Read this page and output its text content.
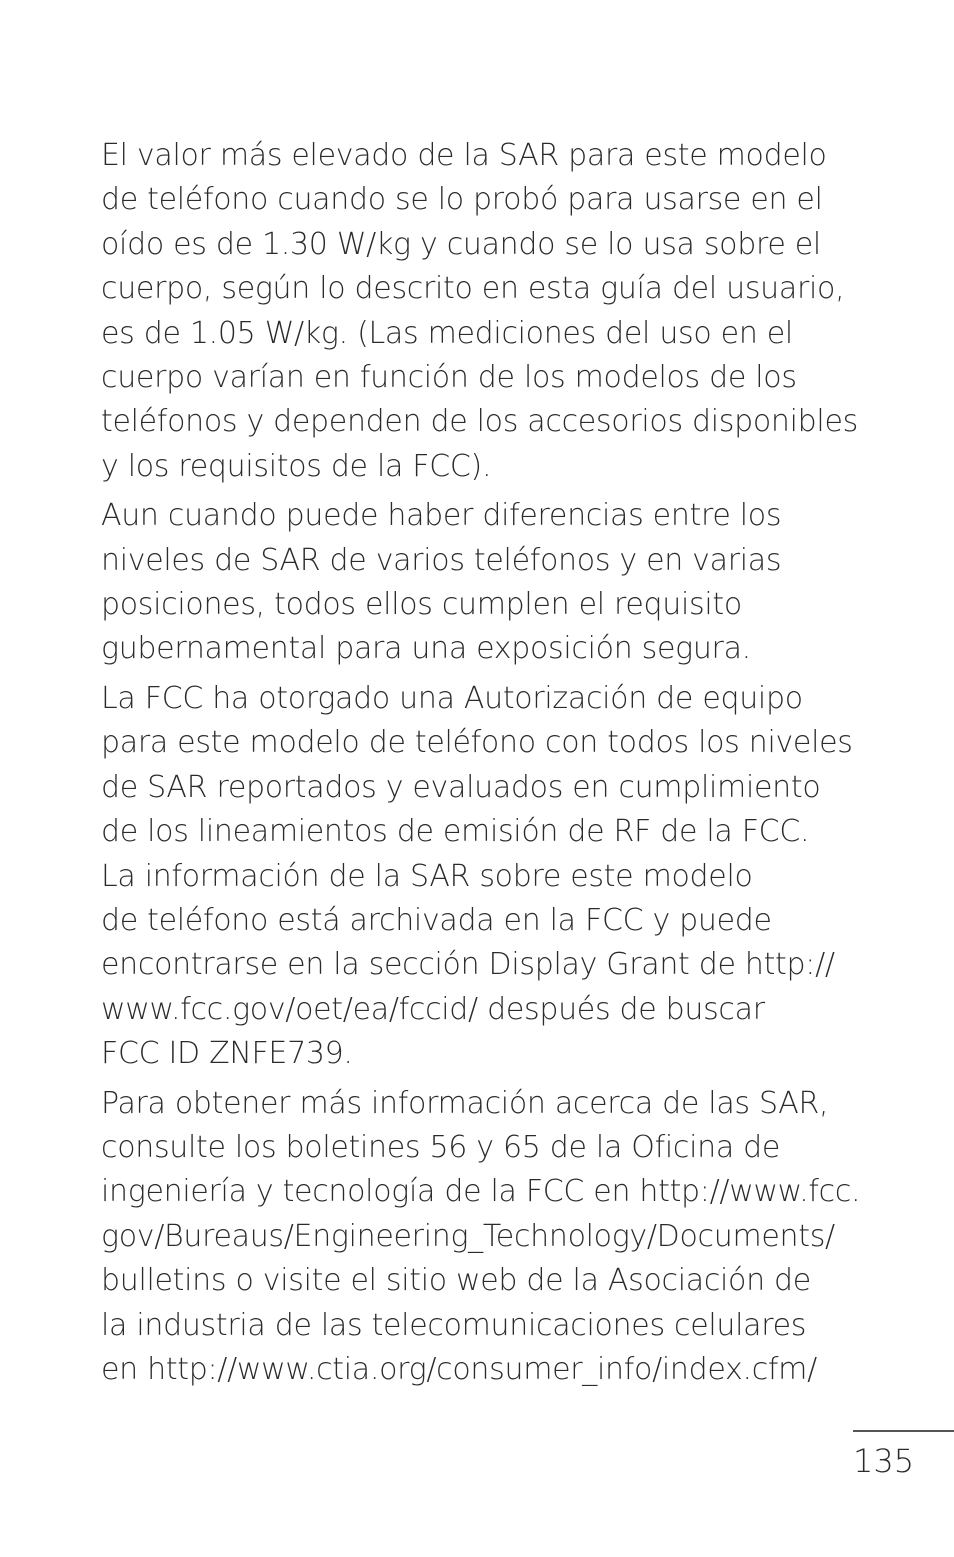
El valor más elevado de la SAR para este modelo
de teléfono cuando se lo probó para usarse en el
oído es de 1.30 W/kg y cuando se lo usa sobre el
cuerpo, según lo descrito en esta guía del usuario,
es de 1.05 W/kg. (Las mediciones del uso en el
cuerpo varían en función de los modelos de los
teléfonos y dependen de los accesorios disponibles
y los requisitos de la FCC).
Aun cuando puede haber diferencias entre los
niveles de SAR de varios teléfonos y en varias
posiciones, todos ellos cumplen el requisito
gubernamental para una exposición segura.
La FCC ha otorgado una Autorización de equipo
para este modelo de teléfono con todos los niveles
de SAR reportados y evaluados en cumplimiento
de los lineamientos de emisión de RF de la FCC.
La información de la SAR sobre este modelo
de teléfono está archivada en la FCC y puede
encontrarse en la sección Display Grant de http://
www.fcc.gov/oet/ea/fccid/ después de buscar
FCC ID ZNFE739.
Para obtener más información acerca de las SAR,
consulte los boletines 56 y 65 de la Oficina de
ingeniería y tecnología de la FCC en http://www.fcc.
gov/Bureaus/Engineering_Technology/Documents/
bulletins o visite el sitio web de la Asociación de
la industria de las telecomunicaciones celulares
en http://www.ctia.org/consumer_info/index.cfm/
135
